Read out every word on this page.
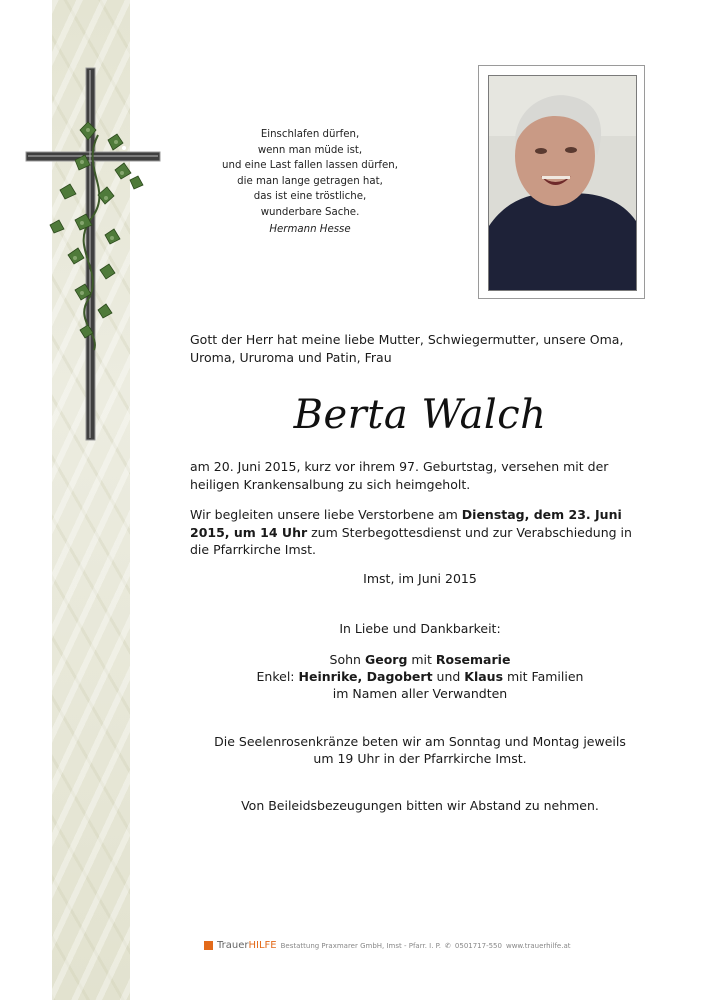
Einschlafen dürfen,
wenn man müde ist,
und eine Last fallen lassen dürfen,
die man lange getragen hat,
das ist eine tröstliche,
wunderbare Sache.
Hermann Hesse
Gott der Herr hat meine liebe Mutter, Schwiegermutter, unsere Oma, Uroma, Ururoma und Patin, Frau
Berta Walch
am 20. Juni 2015, kurz vor ihrem 97. Geburtstag, versehen mit der heiligen Krankensalbung zu sich heimgeholt.
Wir begleiten unsere liebe Verstorbene am Dienstag, dem 23. Juni 2015, um 14 Uhr zum Sterbegottesdienst und zur Verabschiedung in die Pfarrkirche Imst.
Imst, im Juni 2015
In Liebe und Dankbarkeit:
Sohn Georg mit Rosemarie
Enkel: Heinrike, Dagobert und Klaus mit Familien
im Namen aller Verwandten
Die Seelenrosenkränze beten wir am Sonntag und Montag jeweils
um 19 Uhr in der Pfarrkirche Imst.
Von Beileidsbezeugungen bitten wir Abstand zu nehmen.
TrauerHILFE Bestattung Praxmarer GmbH, Imst - Pfarr. I. P. ✆ 0501717-550 www.trauerhilfe.at
